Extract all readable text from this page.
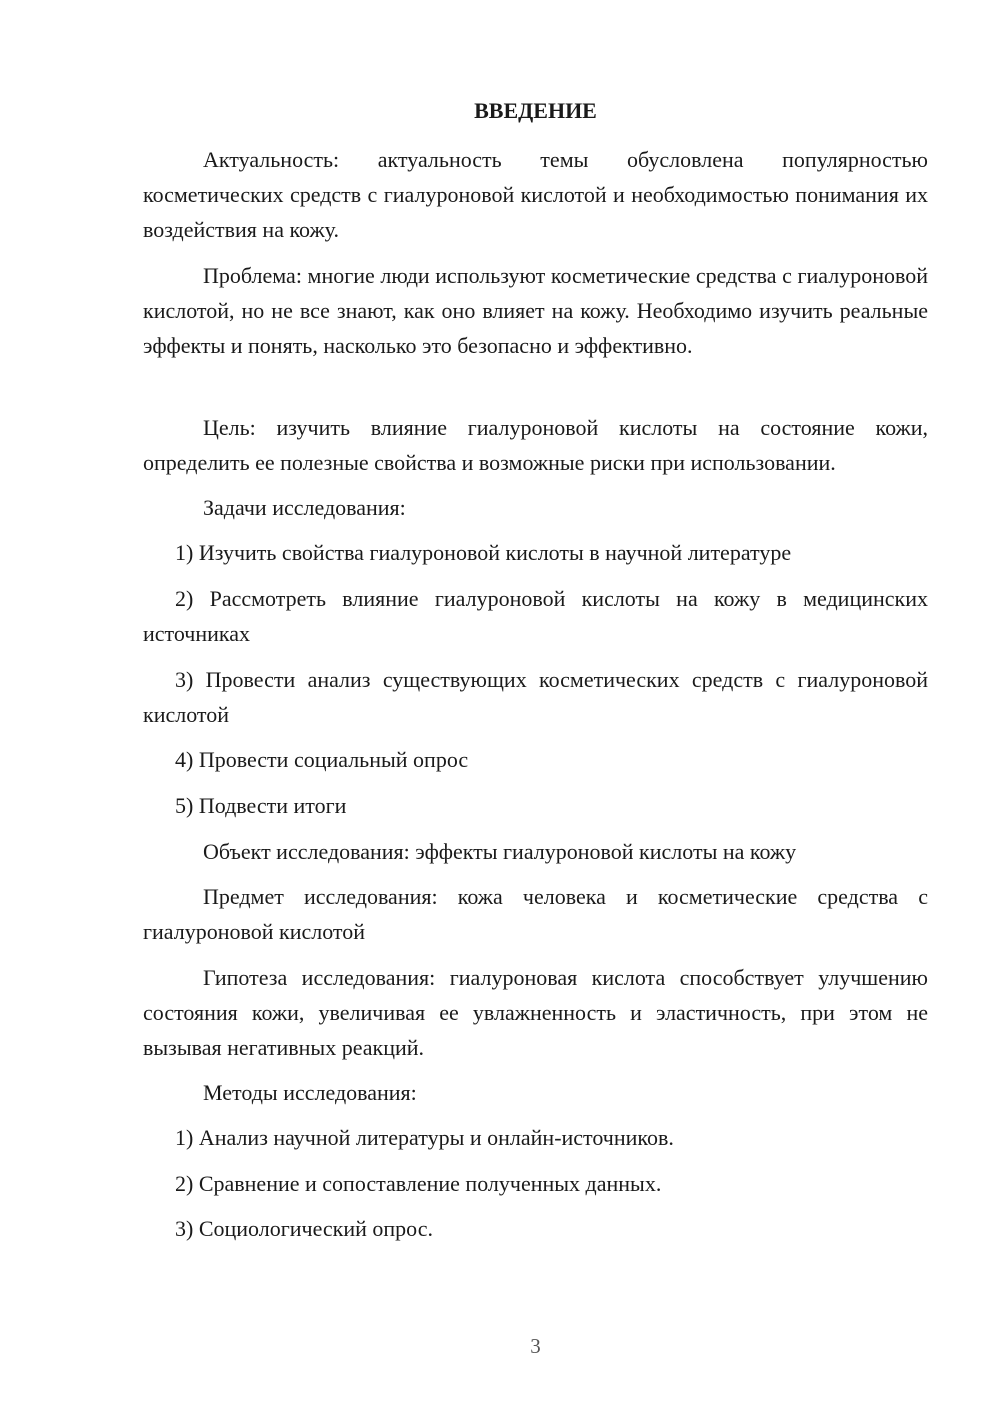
ВВЕДЕНИЕ

Актуальность: актуальность темы обусловлена популярностью косметических средств с гиалуроновой кислотой и необходимостью понимания их воздействия на кожу.

Проблема: многие люди используют косметические средства с гиалуроновой кислотой, но не все знают, как оно влияет на кожу. Необходимо изучить реальные эффекты и понять, насколько это безопасно и эффективно.

Цель: изучить влияние гиалуроновой кислоты на состояние кожи, определить ее полезные свойства и возможные риски при использовании.

Задачи исследования:

1) Изучить свойства гиалуроновой кислоты в научной литературе

2) Рассмотреть влияние гиалуроновой кислоты на кожу в медицинских источниках

3) Провести анализ существующих косметических средств с гиалуроновой кислотой

4) Провести социальный опрос

5) Подвести итоги

Объект исследования: эффекты гиалуроновой кислоты на кожу

Предмет исследования: кожа человека и косметические средства с гиалуроновой кислотой

Гипотеза исследования: гиалуроновая кислота способствует улучшению состояния кожи, увеличивая ее увлажненность и эластичность, при этом не вызывая негативных реакций.

Методы исследования:

1) Анализ научной литературы и онлайн-источников.

2) Сравнение и сопоставление полученных данных.

3) Социологический опрос.

3
